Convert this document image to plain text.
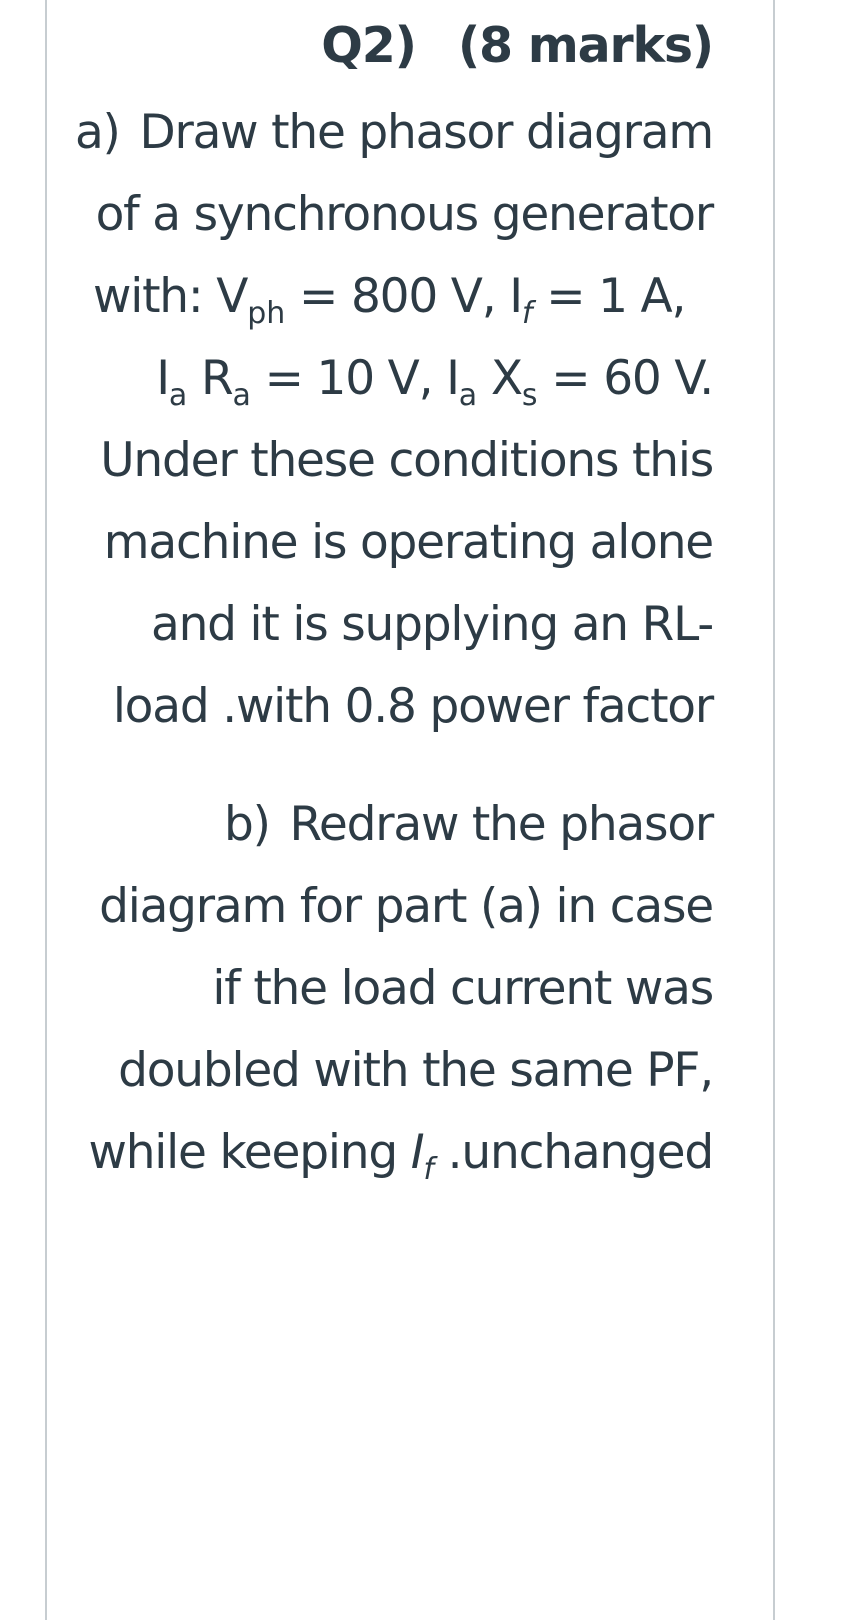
Q2) (8 marks)

a) Draw the phasor diagram of a synchronous generator with: $V_{ph} = 800$ V, $I_f = 1$ A, $I_a$ $R_a = 10$ V, $I_a$ $X_s = 60$ V. Under these conditions this machine is operating alone and it is supplying an RL-load .with 0.8 power factor

b) Redraw the phasor diagram for part (a) in case if the load current was doubled with the same PF, while keeping $I_f$ .unchanged
